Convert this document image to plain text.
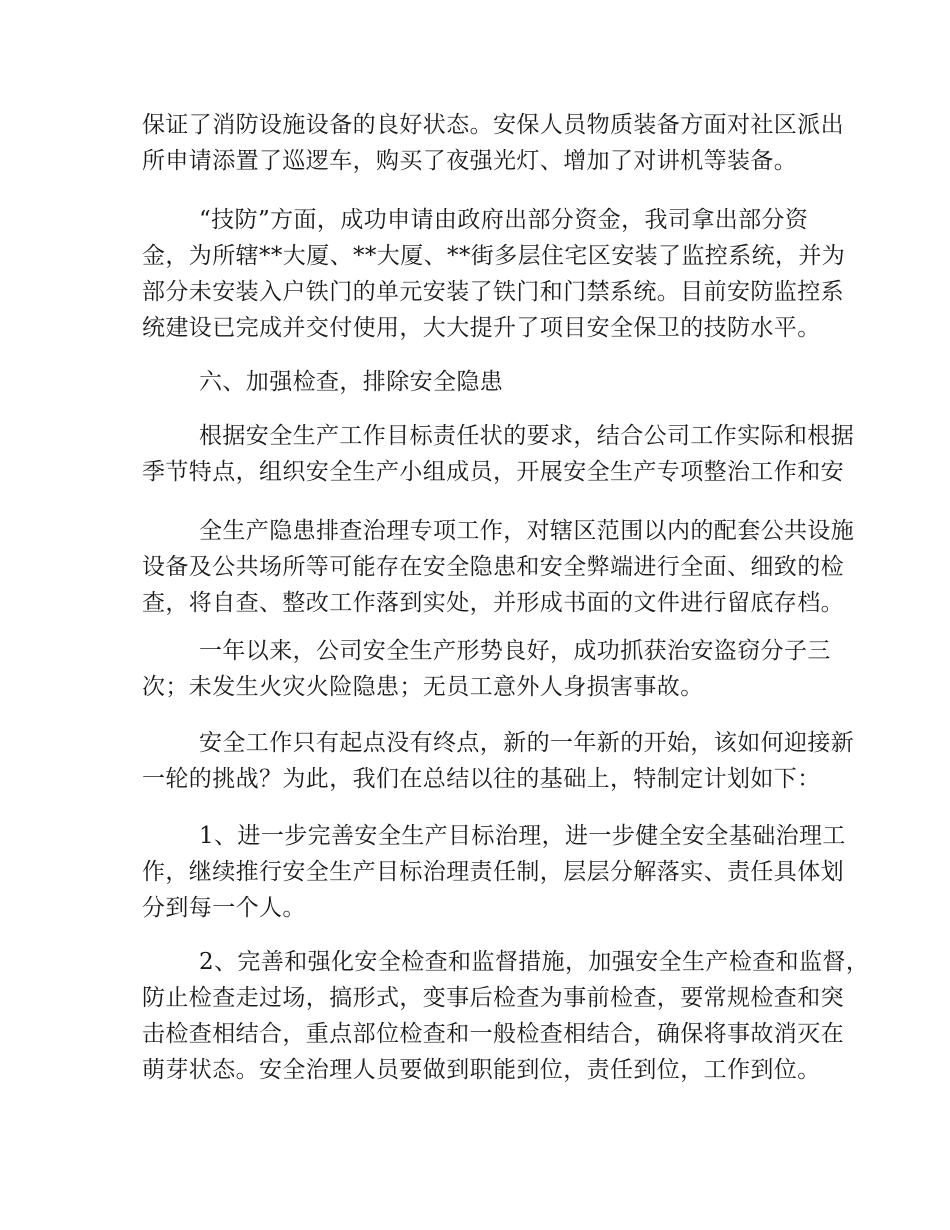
保证了消防设施设备的良好状态。安保人员物质装备方面对社区派出
所申请添置了巡逻车，购买了夜强光灯、增加了对讲机等装备。
“技防”方面，成功申请由政府出部分资金，我司拿出部分资
金，为所辖**大厦、**大厦、**街多层住宅区安装了监控系统，并为
部分未安装入户铁门的单元安装了铁门和门禁系统。目前安防监控系
统建设已完成并交付使用，大大提升了项目安全保卫的技防水平。
六、加强检查，排除安全隐患
根据安全生产工作目标责任状的要求，结合公司工作实际和根据
季节特点，组织安全生产小组成员，开展安全生产专项整治工作和安
全生产隐患排查治理专项工作，对辖区范围以内的配套公共设施
设备及公共场所等可能存在安全隐患和安全弊端进行全面、细致的检
查，将自查、整改工作落到实处，并形成书面的文件进行留底存档。
一年以来，公司安全生产形势良好，成功抓获治安盗窃分子三
次；未发生火灾火险隐患；无员工意外人身损害事故。
安全工作只有起点没有终点，新的一年新的开始，该如何迎接新
一轮的挑战？为此，我们在总结以往的基础上，特制定计划如下：
1、进一步完善安全生产目标治理，进一步健全安全基础治理工
作，继续推行安全生产目标治理责任制，层层分解落实、责任具体划
分到每一个人。
2、完善和强化安全检查和监督措施，加强安全生产检查和监督，
防止检查走过场，搞形式，变事后检查为事前检查，要常规检查和突
击检查相结合，重点部位检查和一般检查相结合，确保将事故消灭在
萌芽状态。安全治理人员要做到职能到位，责任到位，工作到位。
